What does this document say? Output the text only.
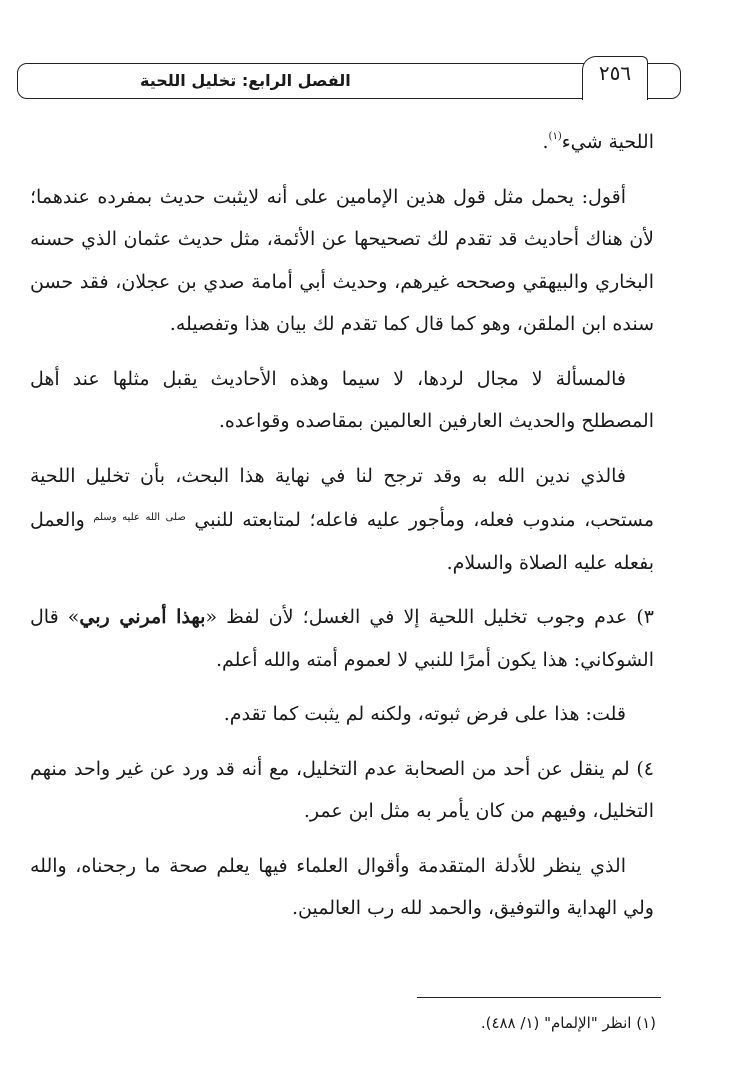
الفصل الرابع: تخليل اللحية	٢٥٦

اللحية شيء$^{(١)}$.

أقول: يحمل مثل قول هذين الإمامين على أنه لايثبت حديث بمفرده عندهما؛ لأن هناك أحاديث قد تقدم لك تصحيحها عن الأئمة، مثل حديث عثمان الذي حسنه البخاري والبيهقي وصححه غيرهم، وحديث أبي أمامة صدي بن عجلان، فقد حسن سنده ابن الملقن، وهو كما قال كما تقدم لك بيان هذا وتفصيله.

فالمسألة لا مجال لردها، لا سيما وهذه الأحاديث يقبل مثلها عند أهل المصطلح والحديث العارفين العالمين بمقاصده وقواعده.

فالذي ندين الله به وقد ترجح لنا في نهاية هذا البحث، بأن تخليل اللحية مستحب، مندوب فعله، ومأجور عليه فاعله؛ لمتابعته للنبي $^{صلى الله عليه وسلم}$ والعمل بفعله عليه الصلاة والسلام.

٣) عدم وجوب تخليل اللحية إلا في الغسل؛ لأن لفظ «بهذا أمرني ربي» قال الشوكاني: هذا يكون أمرًا للنبي لا لعموم أمته والله أعلم.

قلت: هذا على فرض ثبوته، ولكنه لم يثبت كما تقدم.

٤) لم ينقل عن أحد من الصحابة عدم التخليل، مع أنه قد ورد عن غير واحد منهم التخليل، وفيهم من كان يأمر به مثل ابن عمر.

الذي ينظر للأدلة المتقدمة وأقوال العلماء فيها يعلم صحة ما رجحناه، والله ولي الهداية والتوفيق، والحمد لله رب العالمين.

(١) انظر "الإلمام" (١/ ٤٨٨).
